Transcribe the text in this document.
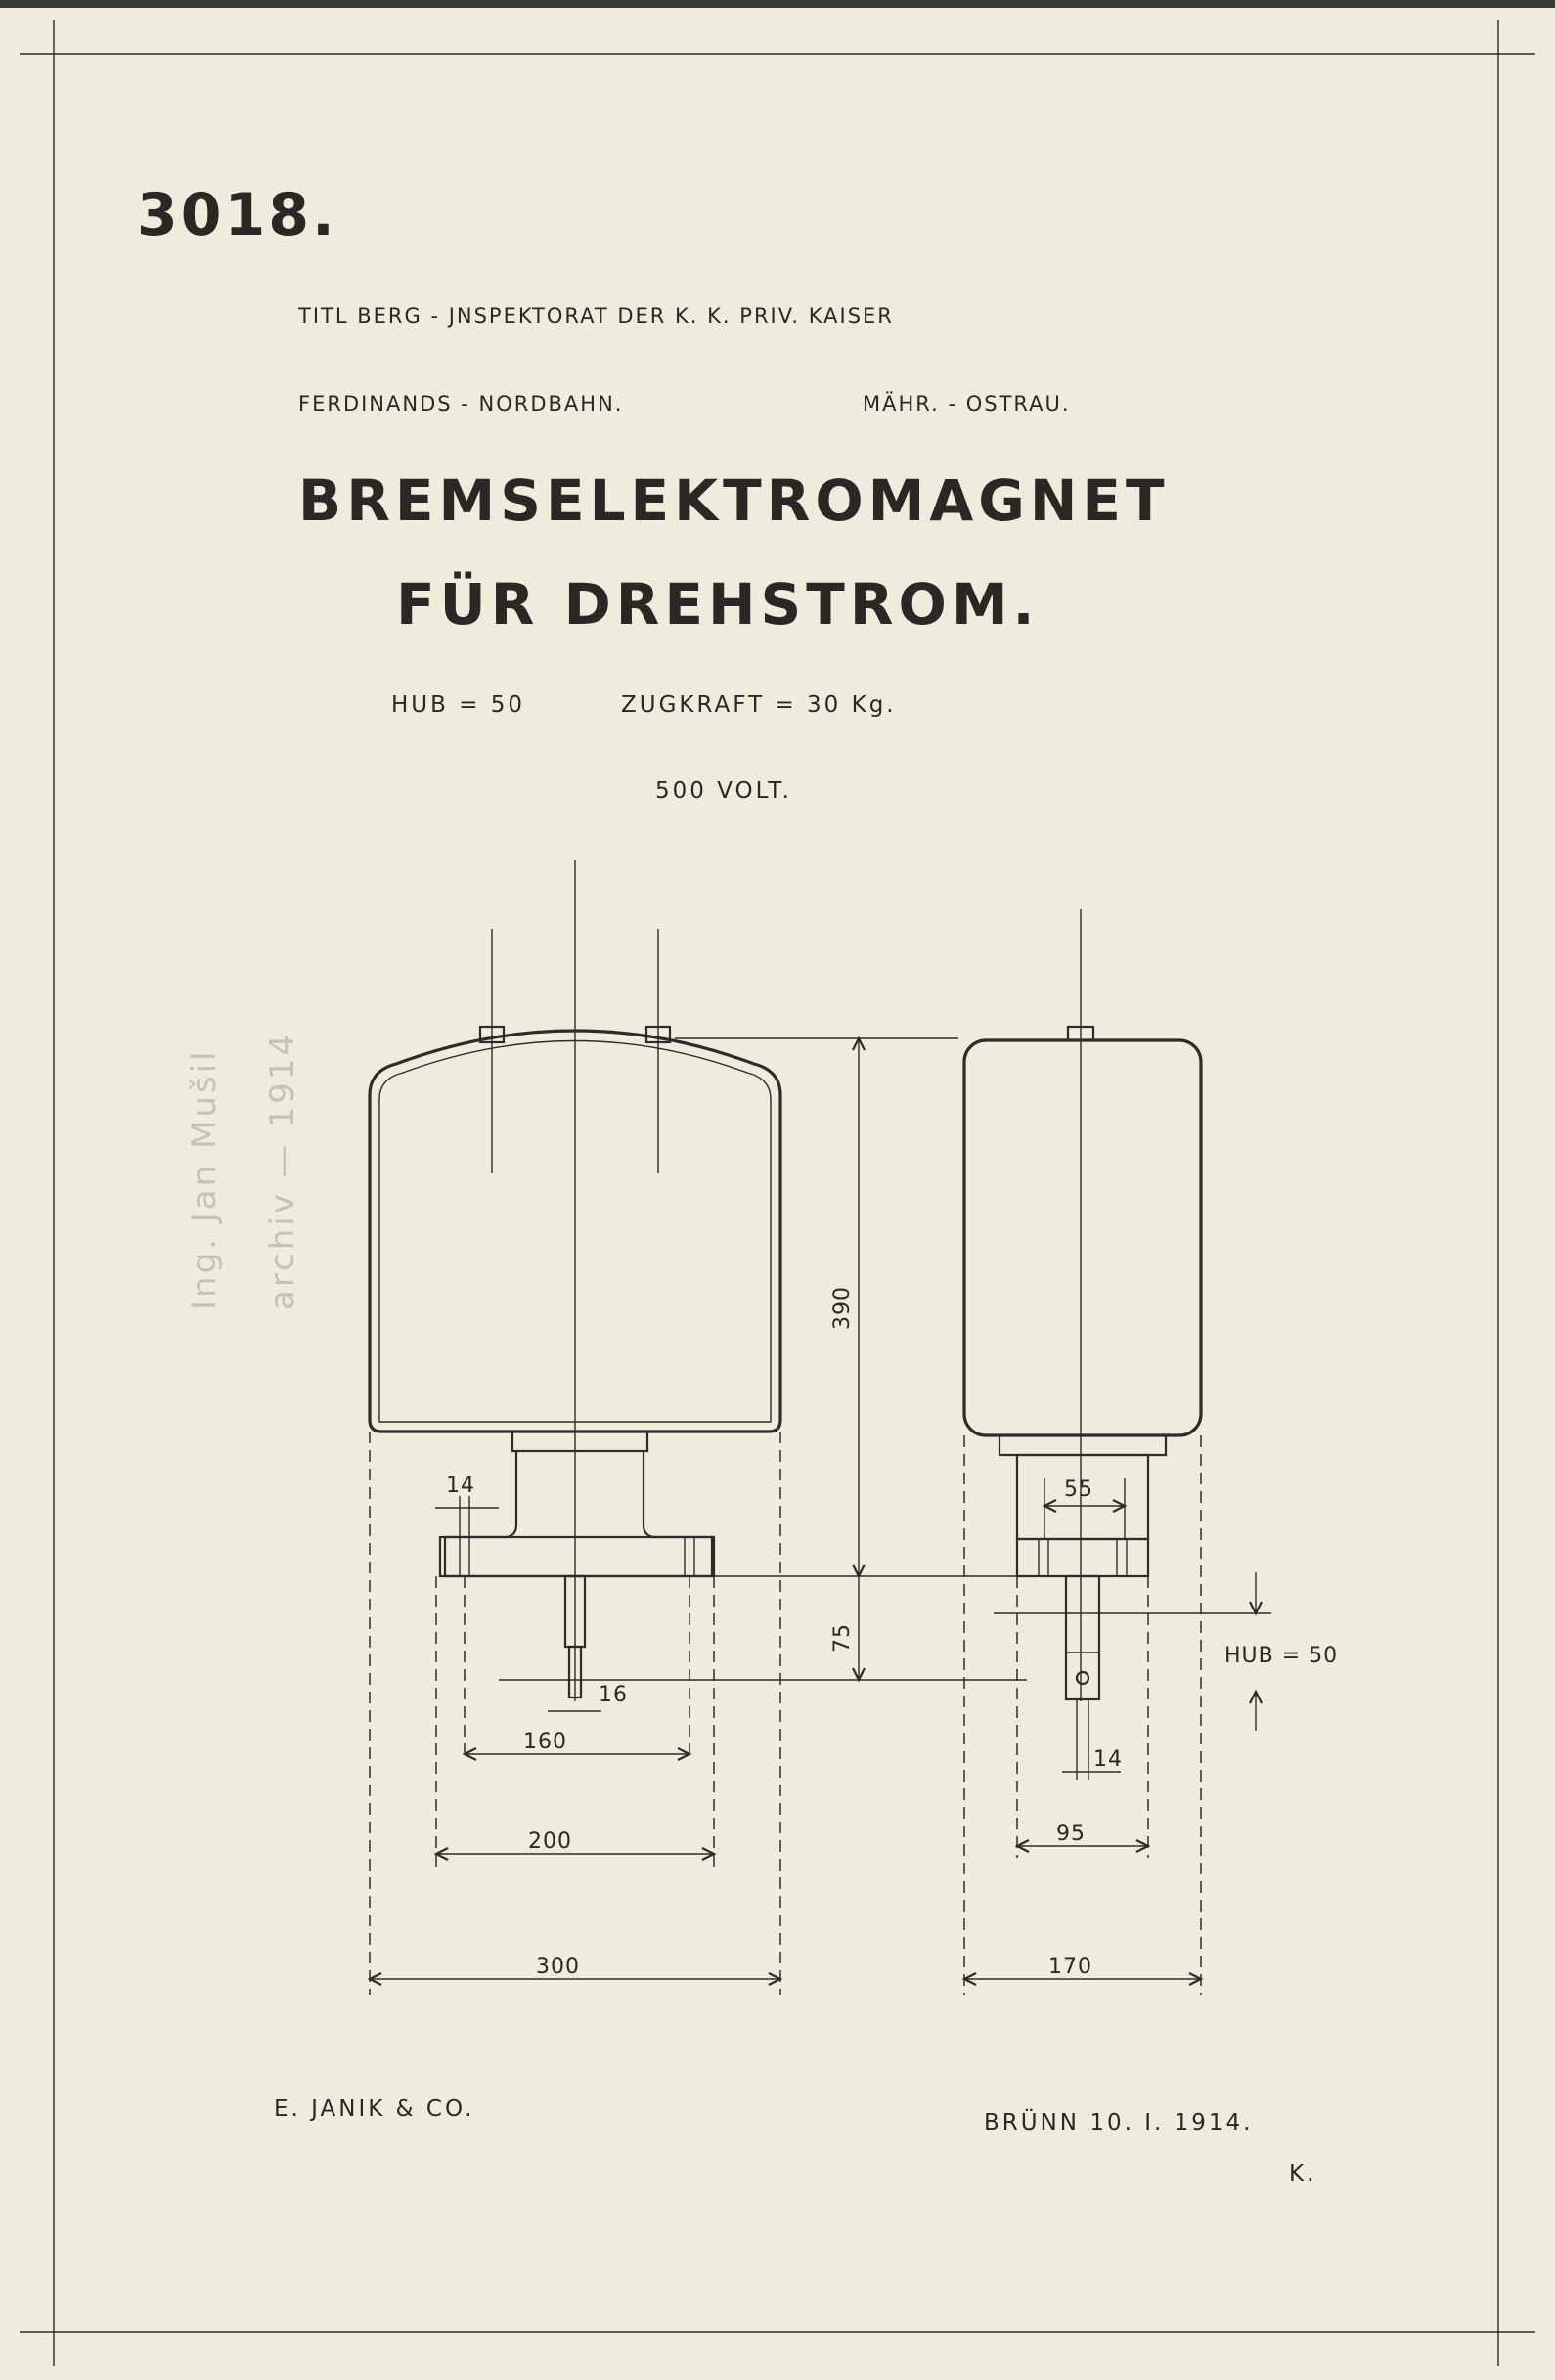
Ing. Jan Mušil archiv — 1914
3018.
TITL BERG - JNSPEKTORAT DER K. K. PRIV. KAISER
FERDINANDS - NORDBAHN.	MÄHR. - OSTRAU.
BREMSELEKTROMAGNET
FÜR DREHSTROM.
HUB = 50	ZUGKRAFT = 30 Kg.
500 VOLT.
14
16
160
200
300
390
75
55
14
95
170
HUB = 50
E. JANIK & CO.
BRÜNN 10. I. 1914.
K.
